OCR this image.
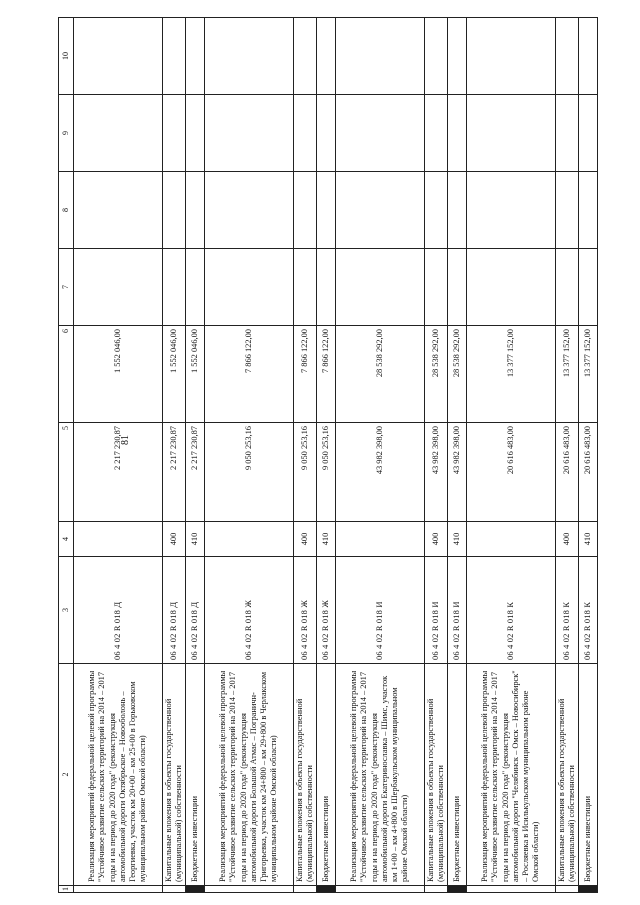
81
1	2	3	4	5	6	7	8	9	10
	Реализация мероприятий федеральной целевой программы "Устойчивое развитие сельских территорий на 2014 – 2017 годы и на период до 2020 года" (реконструкция автомобильной дороги Октябрьское – Новооболонь – Георгиевка, участок км 20+00 – км 25+00 в Горьковском муниципальном районе Омской области)	06 4 02 R 018 Д		2 217 230,87	1 552 046,00				
	Капитальные вложения в объекты государственной (муниципальной) собственности	06 4 02 R 018 Д	400	2 217 230,87	1 552 046,00				
	Бюджетные инвестиции	06 4 02 R 018 Д	410	2 217 230,87	1 552 046,00				
	Реализация мероприятий федеральной целевой программы "Устойчивое развитие сельских территорий на 2014 – 2017 годы и на период до 2020 года" (реконструкция автомобильной дороги Большой Атмас – Пограничн-Григорьевка, участок км 24+800 – км 29+800 в Черлакском муниципальном районе Омской области)	06 4 02 R 018 Ж		9 050 253,16	7 866 122,00				
	Капитальные вложения в объекты государственной (муниципальной) собственности	06 4 02 R 018 Ж	400	9 050 253,16	7 866 122,00				
	Бюджетные инвестиции	06 4 02 R 018 Ж	410	9 050 253,16	7 866 122,00				
	Реализация мероприятий федеральной целевой программы "Устойчивое развитие сельских территорий на 2014 – 2017 годы и на период до 2020 года" (реконструкция автомобильной дороги Екатеринославка – Шимс, участок км 1+00 – км 4+800 в Шербакульском муниципальном районе Омской области)	06 4 02 R 018 И		43 982 398,00	28 538 292,00				
	Капитальные вложения в объекты государственной (муниципальной) собственности	06 4 02 R 018 И	400	43 982 398,00	28 538 292,00				
	Бюджетные инвестиции	06 4 02 R 018 И	410	43 982 398,00	28 538 292,00				
	Реализация мероприятий федеральной целевой программы "Устойчивое развитие сельских территорий на 2014 – 2017 годы и на период до 2020 года" (реконструкция автомобильной дороги "Челябинск – Омск – Новосибирск" – Росляевка в Исилькульском муниципальном районе Омской области)	06 4 02 R 018 К		20 616 483,00	13 377 152,00				
	Капитальные вложения в объекты государственной (муниципальной) собственности	06 4 02 R 018 К	400	20 616 483,00	13 377 152,00				
	Бюджетные инвестиции	06 4 02 R 018 К	410	20 616 483,00	13 377 152,00				
